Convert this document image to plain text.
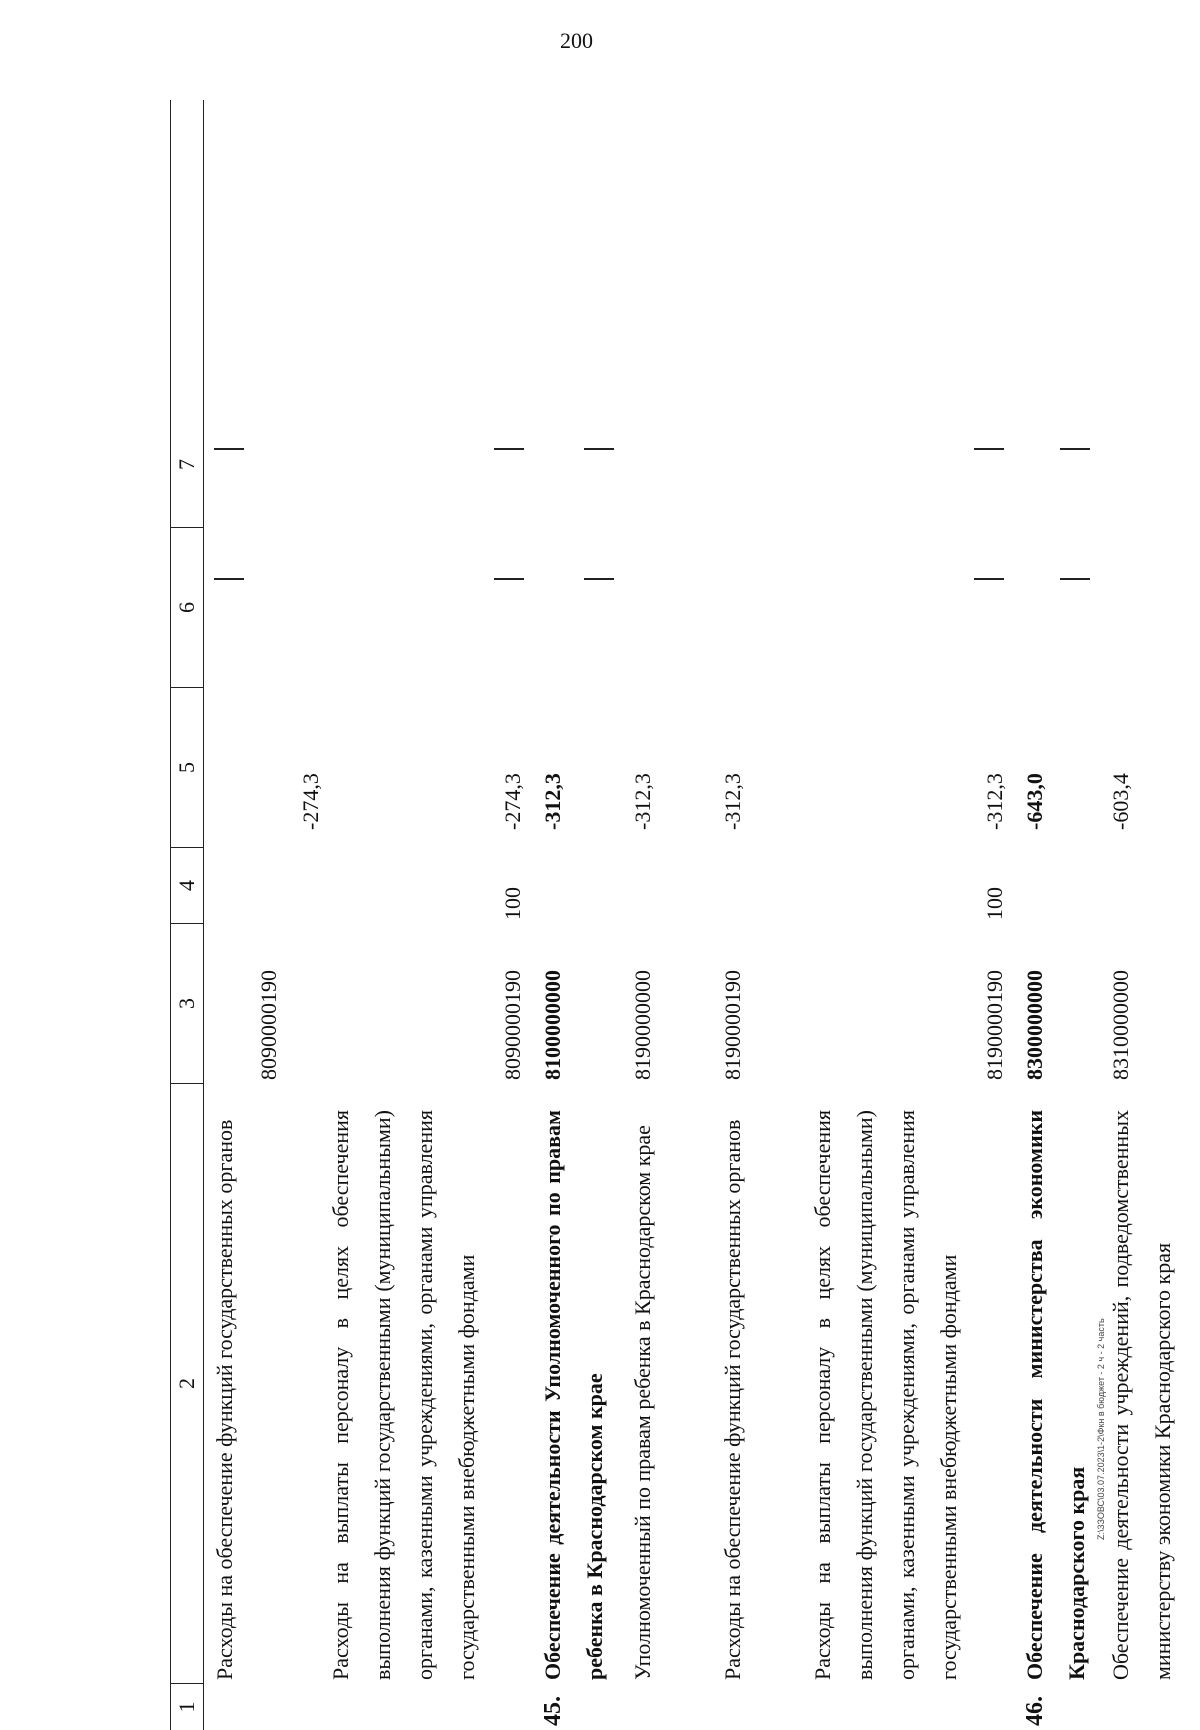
200
1
2
3
4
5
6
7
Расходы на обеспечение функций государственных органов
8090000190
-274,3
Расходы на выплаты персоналу в целях обеспечения выполнения функций государственными (муниципальными) органами, казенными учреждениями, органами управления государственными внебюджетными фондами
8090000190
100
-274,3
45.
Обеспечение деятельности Уполномоченного по правам ребенка в Краснодарском крае
8100000000
-312,3
Уполномоченный по правам ребенка в Краснодарском крае
8190000000
-312,3
Расходы на обеспечение функций государственных органов
8190000190
-312,3
Расходы на выплаты персоналу в целях обеспечения выполнения функций государственными (муниципальными) органами, казенными учреждениями, органами управления государственными внебюджетными фондами
8190000190
100
-312,3
46.
Обеспечение деятельности министерства экономики Краснодарского края
8300000000
-643,0
Обеспечение деятельности учреждений, подведомственных министерству экономики Краснодарского края
8310000000
-603,4
Z:\3ЗОВС\03.07.2023\1-2\Фкн в бюджет - 2 ч - 2 часть
